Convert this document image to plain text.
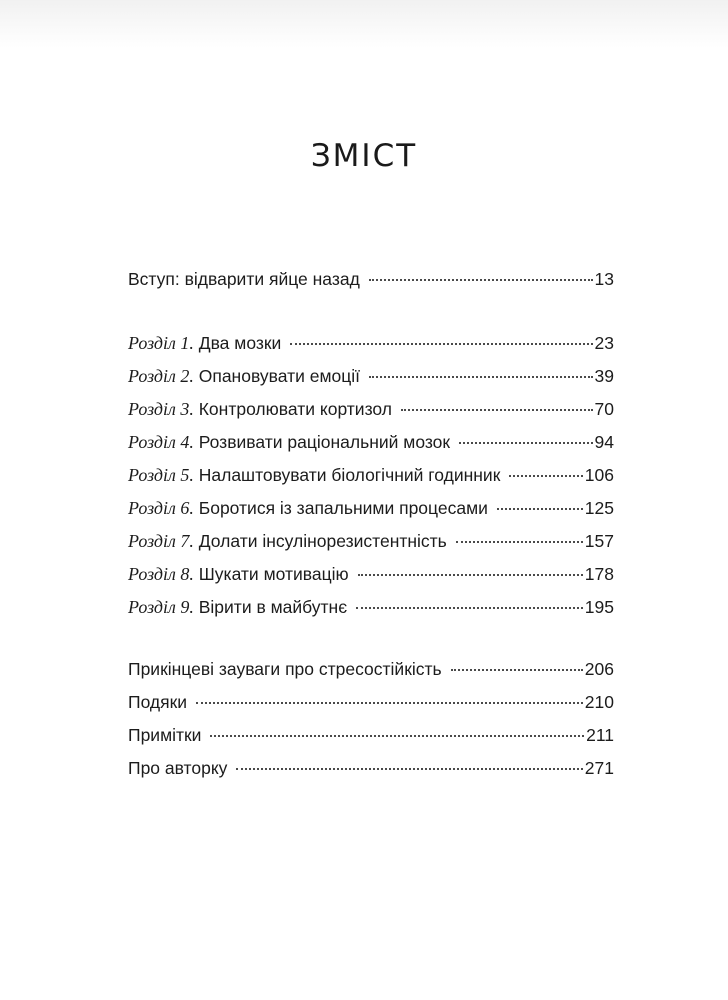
ЗМІСТ
Вступ: відварити яйце назад	13
Розділ 1. Два мозки	23
Розділ 2. Опановувати емоції	39
Розділ 3. Контролювати кортизол	70
Розділ 4. Розвивати раціональний мозок	94
Розділ 5. Налаштовувати біологічний годинник	106
Розділ 6. Боротися із запальними процесами	125
Розділ 7. Долати інсулінорезистентність	157
Розділ 8. Шукати мотивацію	178
Розділ 9. Вірити в майбутнє	195
Прикінцеві зауваги про стресостійкість	206
Подяки	210
Примітки	211
Про авторку	271
